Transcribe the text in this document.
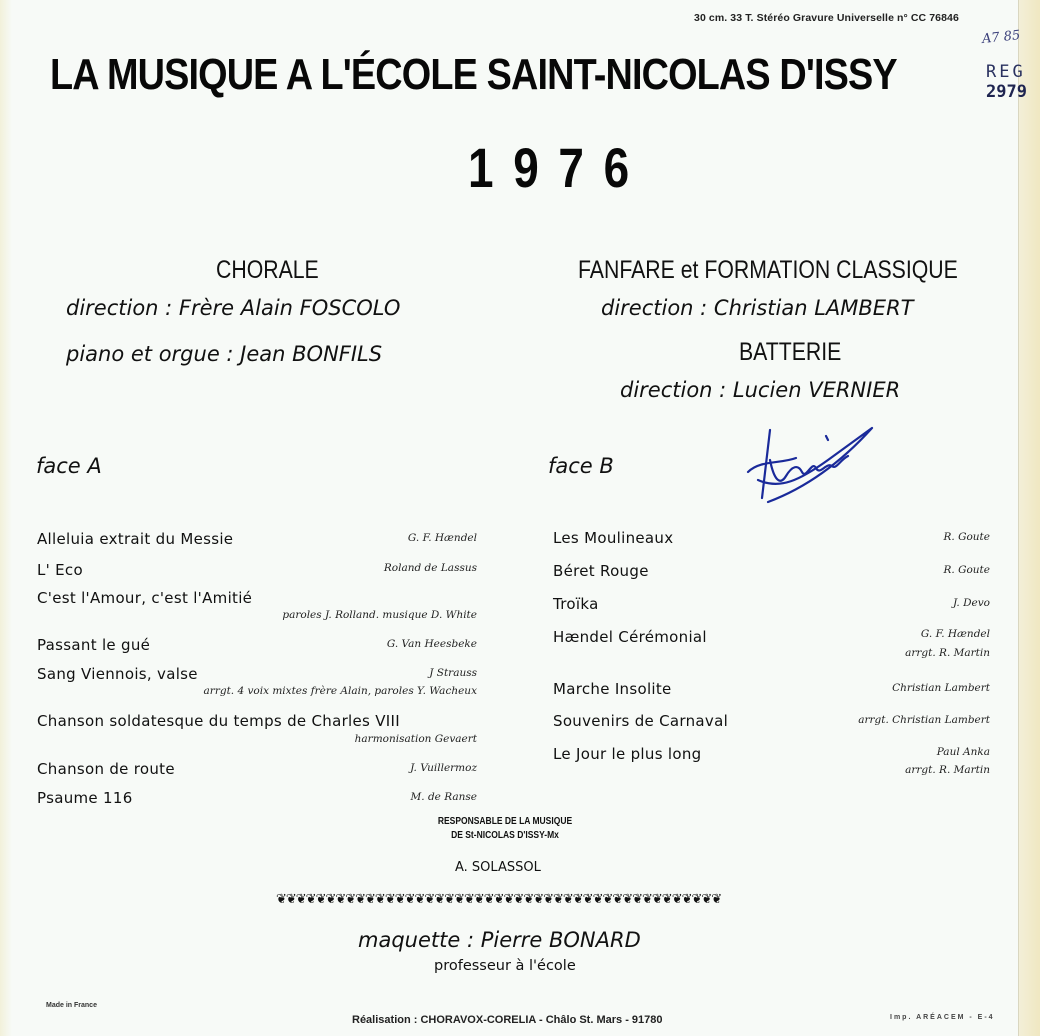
30 cm. 33 T. Stéréo Gravure Universelle n° CC 76846
LA MUSIQUE A L'ÉCOLE SAINT-NICOLAS D'ISSY
A7 85
REG
2979
1976
CHORALE
direction : Frère Alain FOSCOLO
piano et orgue : Jean BONFILS
FANFARE et FORMATION CLASSIQUE
direction : Christian LAMBERT
BATTERIE
direction : Lucien VERNIER
face A	face B
Alleluia extrait du Messie	G. F. Hændel
L' Eco	Roland de Lassus
C'est l'Amour, c'est l'Amitié
paroles J. Rolland. musique D. White
Passant le gué	G. Van Heesbeke
Sang Viennois, valse	J Strauss
arrgt. 4 voix mixtes frère Alain, paroles Y. Wacheux
Chanson soldatesque du temps de Charles VIII
harmonisation Gevaert
Chanson de route	J. Vuillermoz
Psaume 116	M. de Ranse
Les Moulineaux	R. Goute
Béret Rouge	R. Goute
Troïka	J. Devo
Hændel Cérémonial	G. F. Hændel
arrgt. R. Martin
Marche Insolite	Christian Lambert
Souvenirs de Carnaval	arrgt. Christian Lambert
Le Jour le plus long	Paul Anka
arrgt. R. Martin
RESPONSABLE DE LA MUSIQUE
DE St-NICOLAS D'ISSY-Mx
A. SOLASSOL
❦❦❦❦❦❦❦❦❦❦❦❦❦❦❦❦❦❦❦❦❦❦❦❦❦❦❦❦❦❦❦❦❦❦❦❦❦❦❦❦❦❦❦❦❦
maquette : Pierre BONARD
professeur à l'école
Made in France
Réalisation : CHORAVOX-CORELIA - Châlo St. Mars - 91780	Imp. ARÉACEM - E-4
